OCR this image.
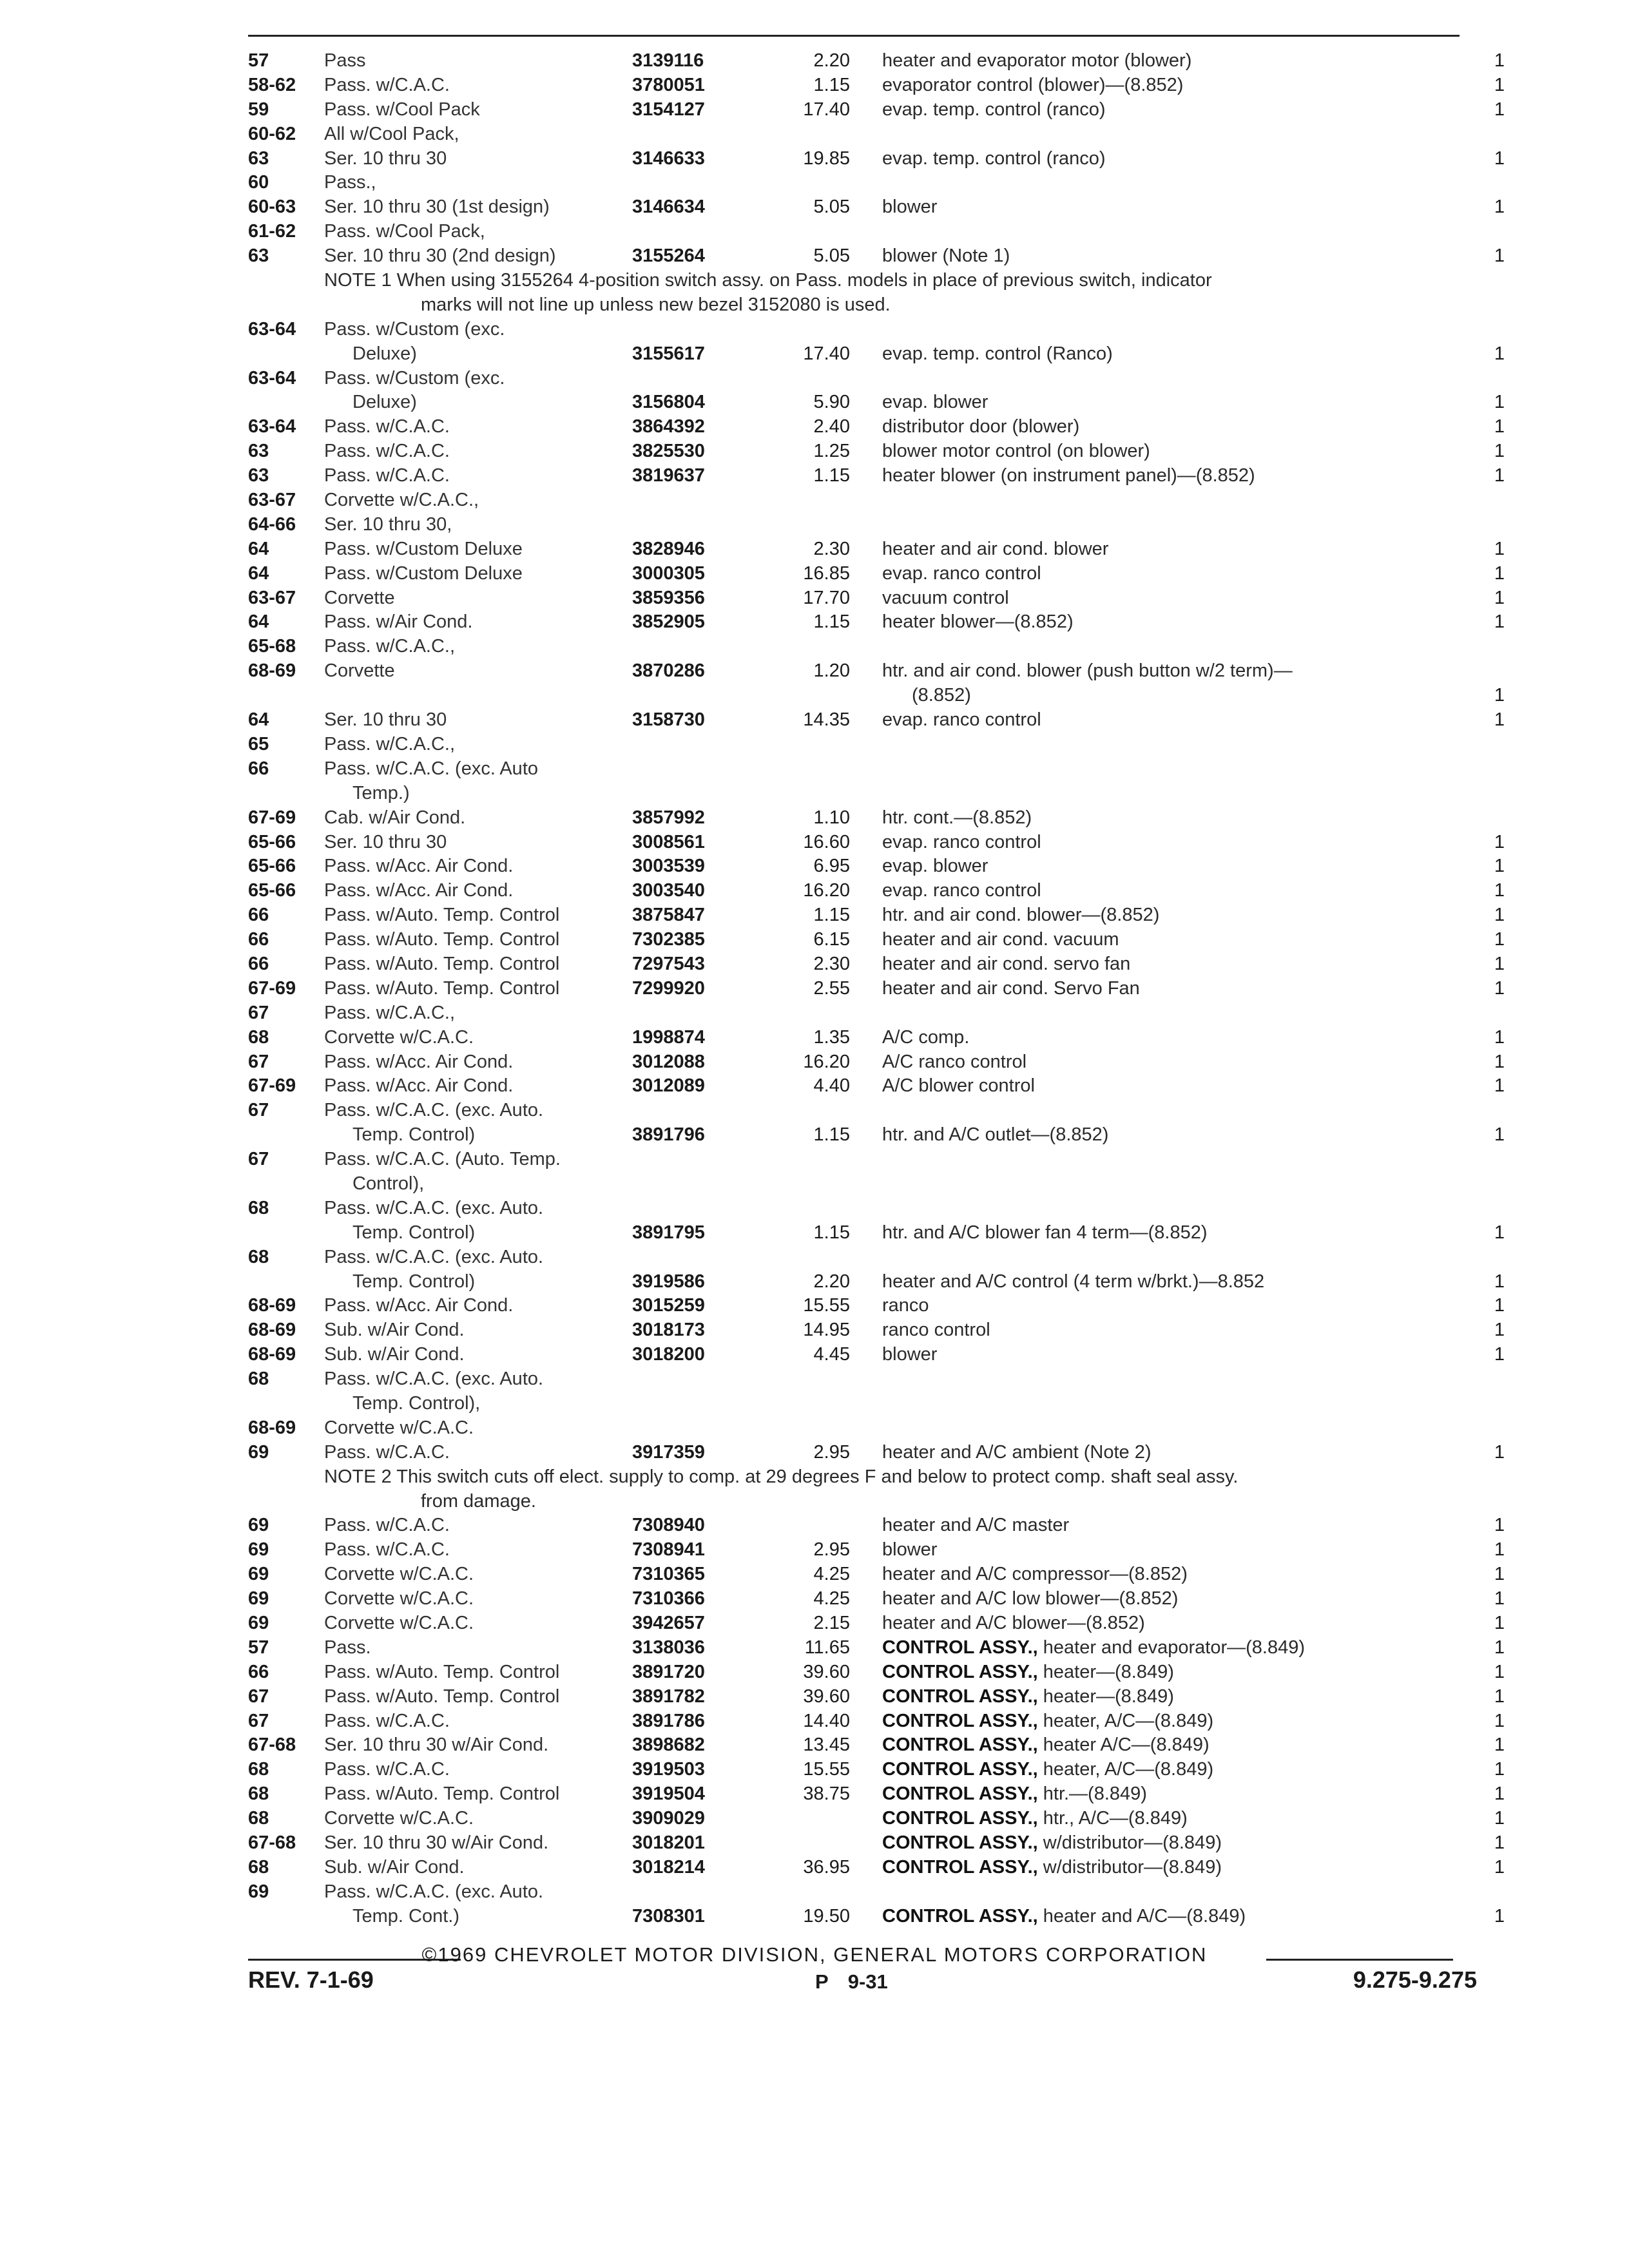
57	Pass	3139116	2.20 heater and evaporator motor (blower)	1
58-62 Pass. w/C.A.C.	3780051	1.15 evaporator control (blower)—(8.852)	1
59	Pass. w/Cool Pack	3154127	17.40 evap. temp. control (ranco)	1
60-62 All w/Cool Pack,
63	Ser. 10 thru 30	3146633	19.85 evap. temp. control (ranco)	1
60	Pass.,
60-63 Ser. 10 thru 30 (1st design)	3146634	5.05 blower	1
61-62 Pass. w/Cool Pack,
63	Ser. 10 thru 30 (2nd design)	3155264	5.05 blower (Note 1)	1
NOTE 1 When using 3155264 4-position switch assy. on Pass. models in place of previous switch, indicator
marks will not line up unless new bezel 3152080 is used.
63-64 Pass. w/Custom (exc.
Deluxe)	3155617	17.40 evap. temp. control (Ranco)	1
63-64 Pass. w/Custom (exc.
Deluxe)	3156804	5.90 evap. blower	1
63-64 Pass. w/C.A.C.	3864392	2.40 distributor door (blower)	1
63	Pass. w/C.A.C.	3825530	1.25 blower motor control (on blower)	1
63	Pass. w/C.A.C.	3819637	1.15 heater blower (on instrument panel)—(8.852)	1
63-67 Corvette w/C.A.C.,
64-66 Ser. 10 thru 30,
64	Pass. w/Custom Deluxe	3828946	2.30 heater and air cond. blower	1
64	Pass. w/Custom Deluxe	3000305	16.85 evap. ranco control	1
63-67 Corvette	3859356	17.70 vacuum control	1
64	Pass. w/Air Cond.	3852905	1.15 heater blower—(8.852)	1
65-68 Pass. w/C.A.C.,
68-69 Corvette	3870286	1.20 htr. and air cond. blower (push button w/2 term)—
(8.852)	1
64	Ser. 10 thru 30	3158730	14.35 evap. ranco control	1
65	Pass. w/C.A.C.,
66	Pass. w/C.A.C. (exc. Auto
Temp.)
67-69 Cab. w/Air Cond.	3857992	1.10 htr. cont.—(8.852)
65-66 Ser. 10 thru 30	3008561	16.60 evap. ranco control	1
65-66 Pass. w/Acc. Air Cond.	3003539	6.95 evap. blower	1
65-66 Pass. w/Acc. Air Cond.	3003540	16.20 evap. ranco control	1
66	Pass. w/Auto. Temp. Control	3875847	1.15 htr. and air cond. blower—(8.852)	1
66	Pass. w/Auto. Temp. Control	7302385	6.15 heater and air cond. vacuum	1
66	Pass. w/Auto. Temp. Control	7297543	2.30 heater and air cond. servo fan	1
67-69 Pass. w/Auto. Temp. Control	7299920	2.55 heater and air cond. Servo Fan	1
67	Pass. w/C.A.C.,
68	Corvette w/C.A.C.	1998874	1.35 A/C comp.	1
67	Pass. w/Acc. Air Cond.	3012088	16.20 A/C ranco control	1
67-69 Pass. w/Acc. Air Cond.	3012089	4.40 A/C blower control	1
67	Pass. w/C.A.C. (exc. Auto.
Temp. Control)	3891796	1.15 htr. and A/C outlet—(8.852)	1
67	Pass. w/C.A.C. (Auto. Temp.
Control),
68	Pass. w/C.A.C. (exc. Auto.
Temp. Control)	3891795	1.15 htr. and A/C blower fan 4 term—(8.852)	1
68	Pass. w/C.A.C. (exc. Auto.
Temp. Control)	3919586	2.20 heater and A/C control (4 term w/brkt.)—8.852	1
68-69 Pass. w/Acc. Air Cond.	3015259	15.55 ranco	1
68-69 Sub. w/Air Cond.	3018173	14.95 ranco control	1
68-69 Sub. w/Air Cond.	3018200	4.45 blower	1
68	Pass. w/C.A.C. (exc. Auto.
Temp. Control),
68-69 Corvette w/C.A.C.
69	Pass. w/C.A.C.	3917359	2.95 heater and A/C ambient (Note 2)	1
NOTE 2 This switch cuts off elect. supply to comp. at 29 degrees F and below to protect comp. shaft seal assy.
from damage.
69	Pass. w/C.A.C.	7308940	heater and A/C master	1
69	Pass. w/C.A.C.	7308941	2.95 blower	1
69	Corvette w/C.A.C.	7310365	4.25 heater and A/C compressor—(8.852)	1
69	Corvette w/C.A.C.	7310366	4.25 heater and A/C low blower—(8.852)	1
69	Corvette w/C.A.C.	3942657	2.15 heater and A/C blower—(8.852)	1
57	Pass.	3138036	11.65 CONTROL ASSY., heater and evaporator—(8.849)	1
66	Pass. w/Auto. Temp. Control	3891720	39.60 CONTROL ASSY., heater—(8.849)	1
67	Pass. w/Auto. Temp. Control	3891782	39.60 CONTROL ASSY., heater—(8.849)	1
67	Pass. w/C.A.C.	3891786	14.40 CONTROL ASSY., heater, A/C—(8.849)	1
67-68 Ser. 10 thru 30 w/Air Cond.	3898682	13.45 CONTROL ASSY., heater A/C—(8.849)	1
68	Pass. w/C.A.C.	3919503	15.55 CONTROL ASSY., heater, A/C—(8.849)	1
68	Pass. w/Auto. Temp. Control	3919504	38.75 CONTROL ASSY., htr.—(8.849)	1
68	Corvette w/C.A.C.	3909029	CONTROL ASSY., htr., A/C—(8.849)	1
67-68 Ser. 10 thru 30 w/Air Cond.	3018201	CONTROL ASSY., w/distributor—(8.849)	1
68	Sub. w/Air Cond.	3018214	36.95 CONTROL ASSY., w/distributor—(8.849)	1
69	Pass. w/C.A.C. (exc. Auto.
Temp. Cont.)	7308301	19.50 CONTROL ASSY., heater and A/C—(8.849)	1
©1969 CHEVROLET MOTOR DIVISION, GENERAL MOTORS CORPORATION
REV. 7-1-69	P 9-31	9.275-9.275
